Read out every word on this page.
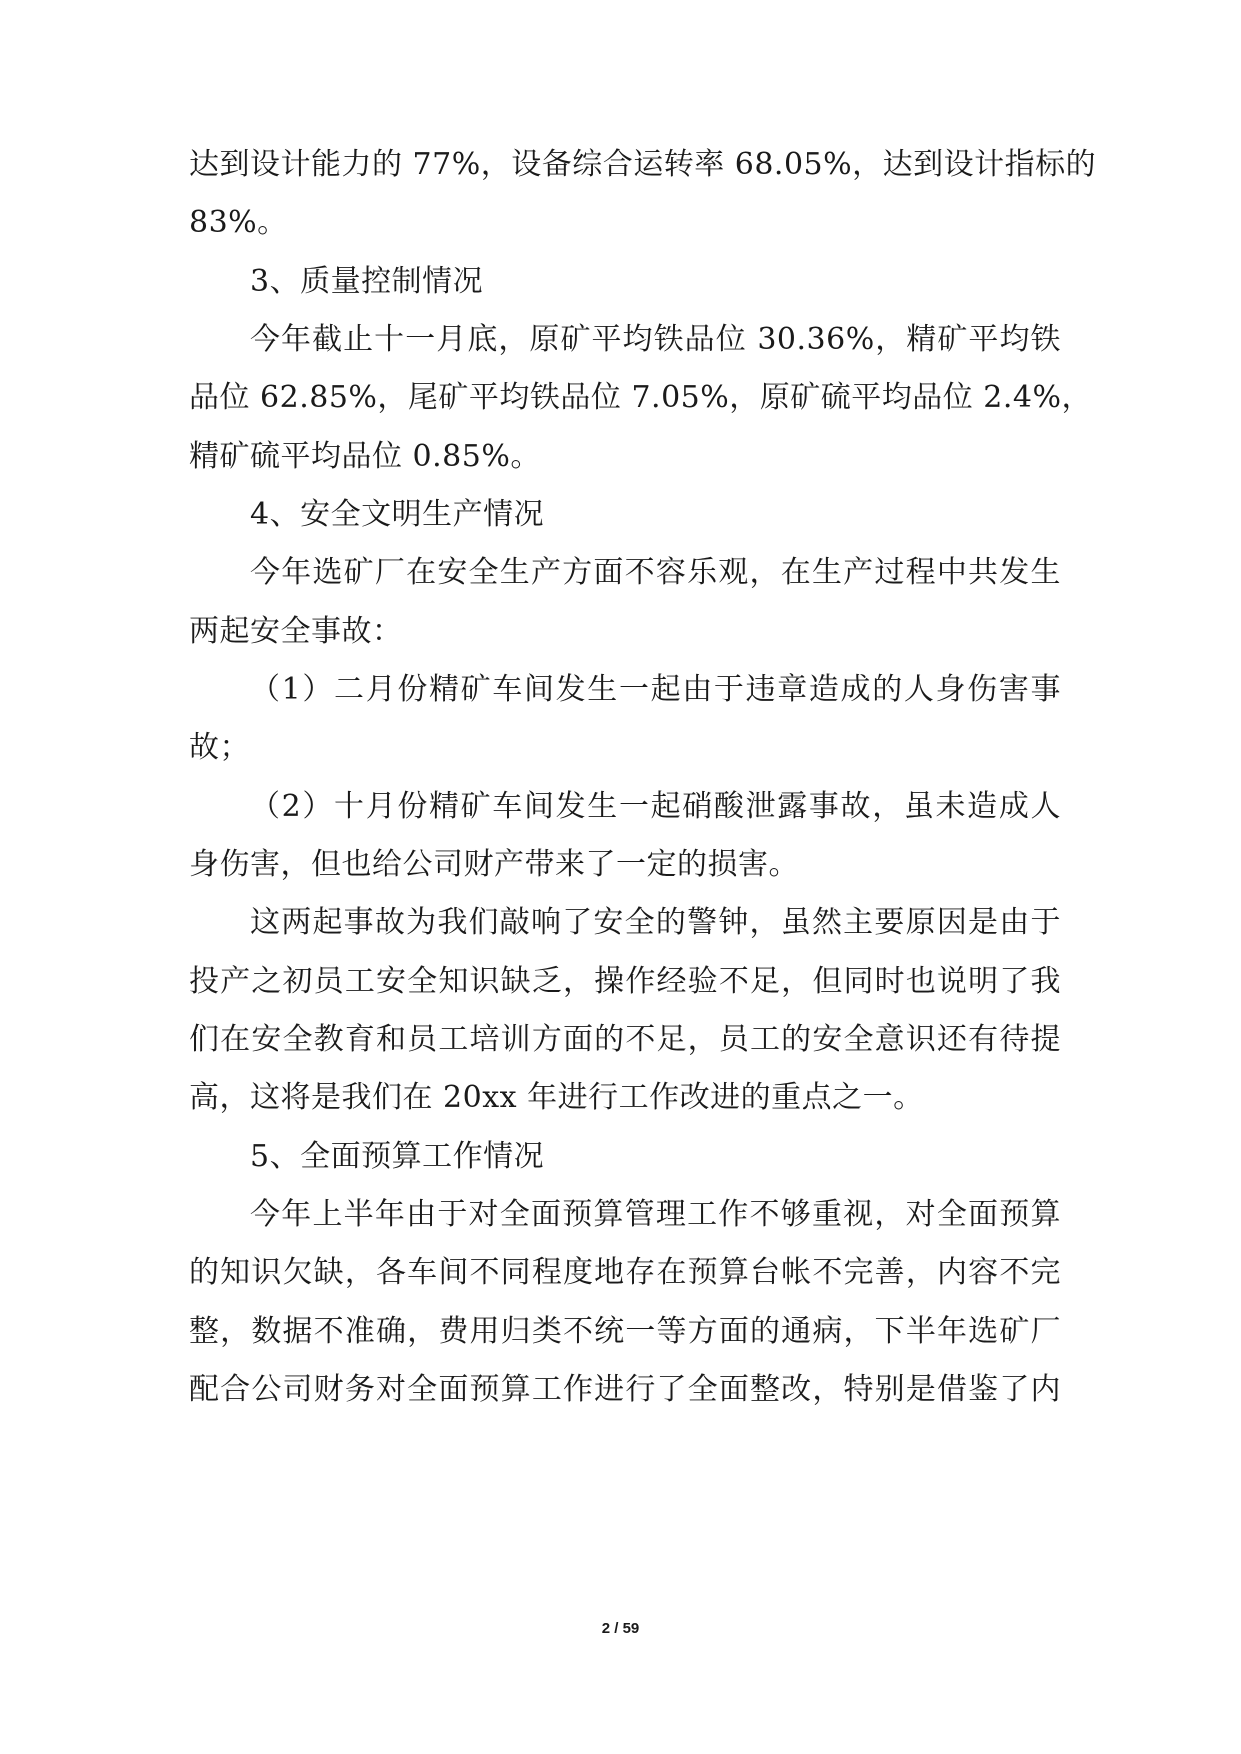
达到设计能力的 77%，设备综合运转率 68.05%，达到设计指标的
83%。
3、质量控制情况
今年截止十一月底，原矿平均铁品位 30.36%，精矿平均铁
品位 62.85%，尾矿平均铁品位 7.05%，原矿硫平均品位 2.4%，
精矿硫平均品位 0.85%。
4、安全文明生产情况
今年选矿厂在安全生产方面不容乐观，在生产过程中共发生
两起安全事故：
（1）二月份精矿车间发生一起由于违章造成的人身伤害事
故；
（2）十月份精矿车间发生一起硝酸泄露事故，虽未造成人
身伤害，但也给公司财产带来了一定的损害。
这两起事故为我们敲响了安全的警钟，虽然主要原因是由于
投产之初员工安全知识缺乏，操作经验不足，但同时也说明了我
们在安全教育和员工培训方面的不足，员工的安全意识还有待提
高，这将是我们在 20xx 年进行工作改进的重点之一。
5、全面预算工作情况
今年上半年由于对全面预算管理工作不够重视，对全面预算
的知识欠缺，各车间不同程度地存在预算台帐不完善，内容不完
整，数据不准确，费用归类不统一等方面的通病，下半年选矿厂
配合公司财务对全面预算工作进行了全面整改，特别是借鉴了内
2 / 59
